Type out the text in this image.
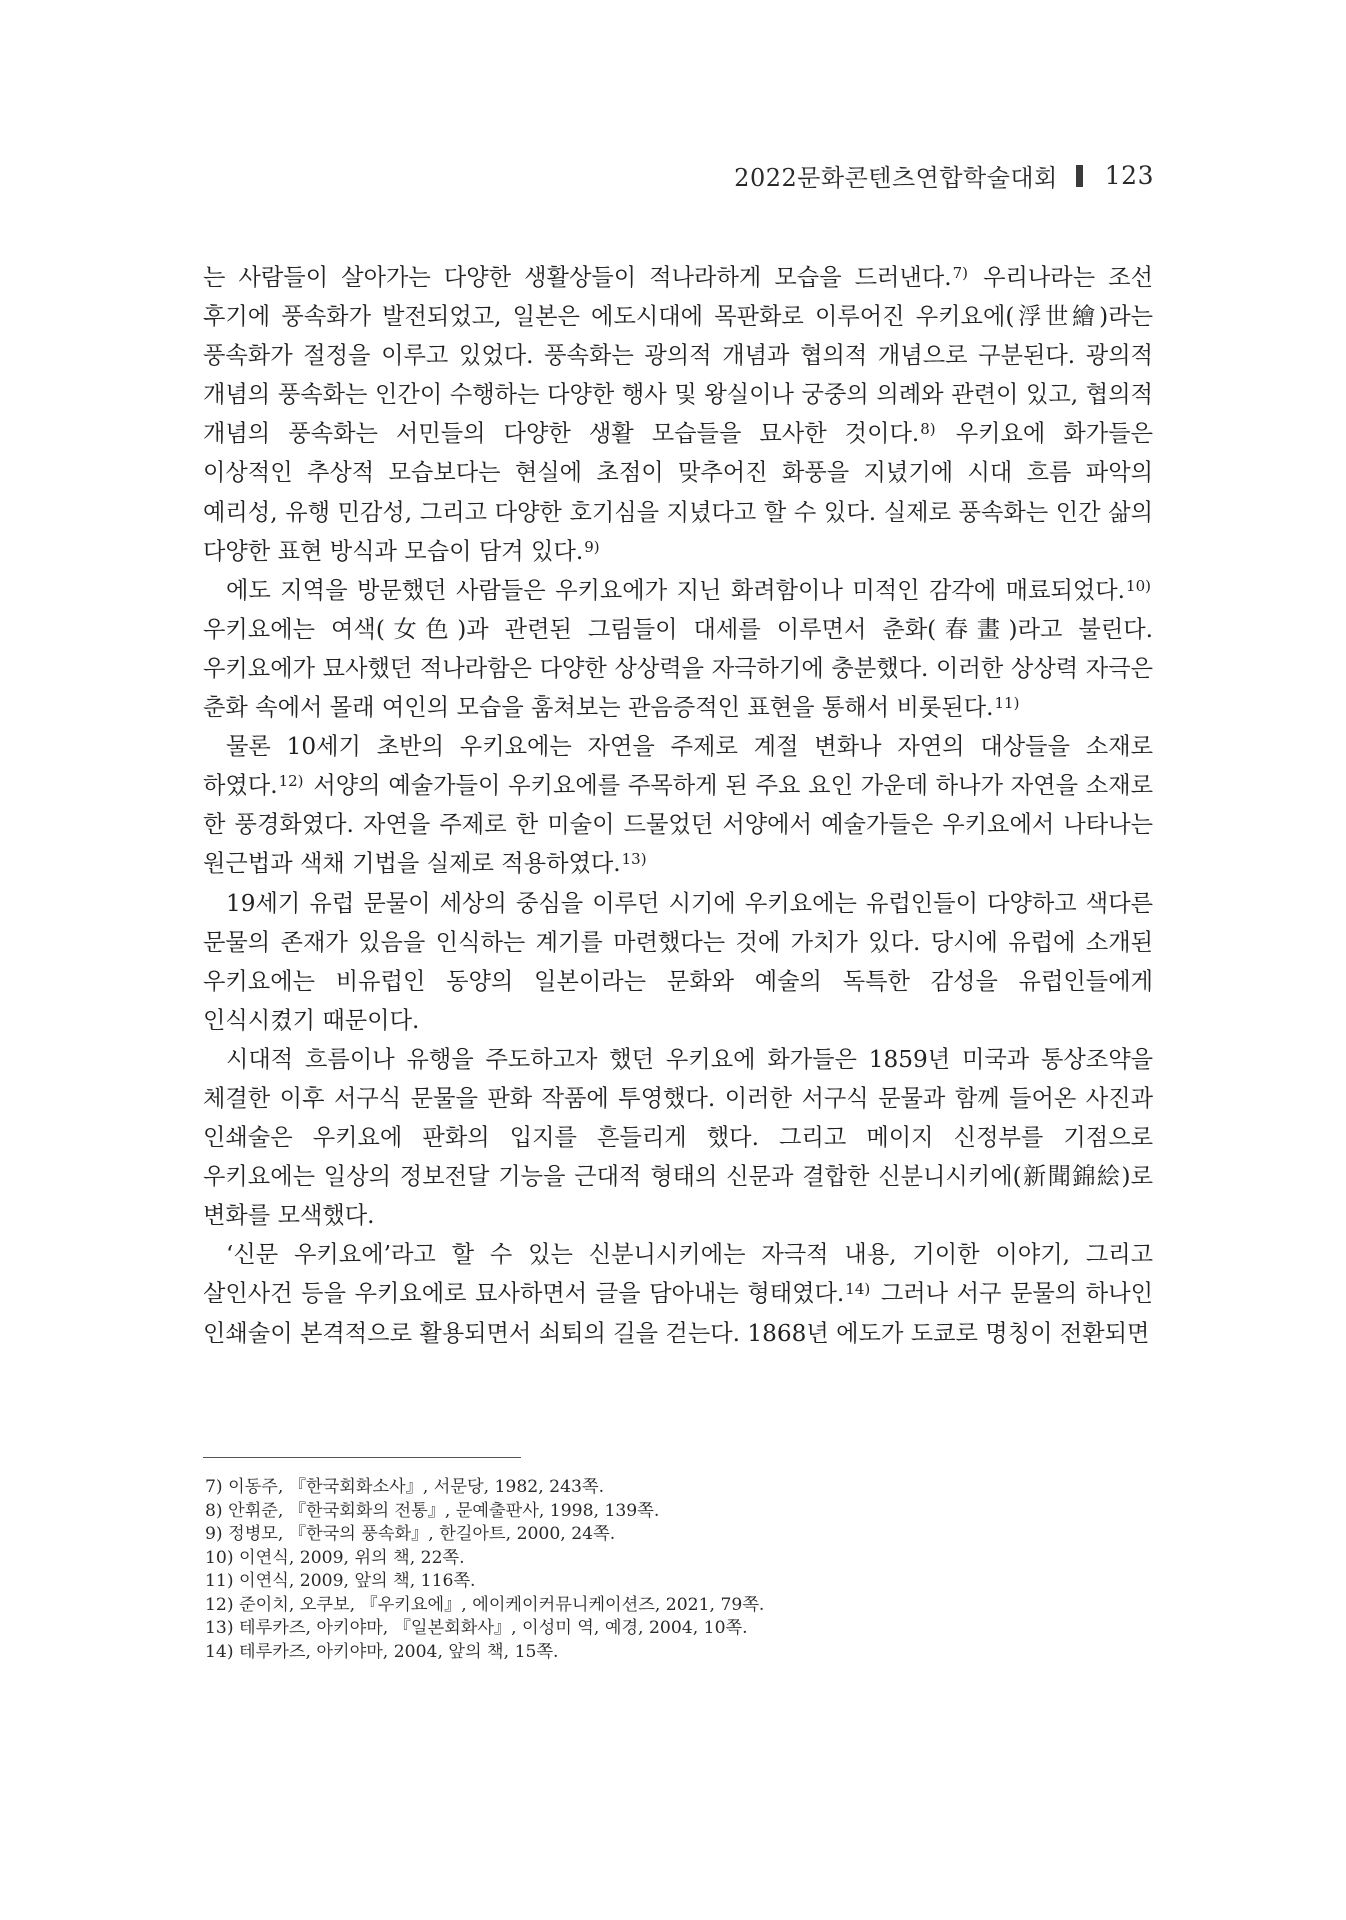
2022문화콘텐츠연합학술대회 123

는 사람들이 살아가는 다양한 생활상들이 적나라하게 모습을 드러낸다.$^{7)}$ 우리나라는 조선 후기에 풍속화가 발전되었고, 일본은 에도시대에 목판화로 이루어진 우키요에(浮世繪)라는 풍속화가 절정을 이루고 있었다. 풍속화는 광의적 개념과 협의적 개념으로 구분된다. 광의적 개념의 풍속화는 인간이 수행하는 다양한 행사 및 왕실이나 궁중의 의례와 관련이 있고, 협의적 개념의 풍속화는 서민들의 다양한 생활 모습들을 묘사한 것이다.$^{8)}$ 우키요에 화가들은 이상적인 추상적 모습보다는 현실에 초점이 맞추어진 화풍을 지녔기에 시대 흐름 파악의 예리성, 유행 민감성, 그리고 다양한 호기심을 지녔다고 할 수 있다. 실제로 풍속화는 인간 삶의 다양한 표현 방식과 모습이 담겨 있다.$^{9)}$

에도 지역을 방문했던 사람들은 우키요에가 지닌 화려함이나 미적인 감각에 매료되었다.$^{10)}$ 우키요에는 여색(女色)과 관련된 그림들이 대세를 이루면서 춘화(春畫)라고 불린다. 우키요에가 묘사했던 적나라함은 다양한 상상력을 자극하기에 충분했다. 이러한 상상력 자극은 춘화 속에서 몰래 여인의 모습을 훔쳐보는 관음증적인 표현을 통해서 비롯된다.$^{11)}$

물론 10세기 초반의 우키요에는 자연을 주제로 계절 변화나 자연의 대상들을 소재로 하였다.$^{12)}$ 서양의 예술가들이 우키요에를 주목하게 된 주요 요인 가운데 하나가 자연을 소재로 한 풍경화였다. 자연을 주제로 한 미술이 드물었던 서양에서 예술가들은 우키요에서 나타나는 원근법과 색채 기법을 실제로 적용하였다.$^{13)}$

19세기 유럽 문물이 세상의 중심을 이루던 시기에 우키요에는 유럽인들이 다양하고 색다른 문물의 존재가 있음을 인식하는 계기를 마련했다는 것에 가치가 있다. 당시에 유럽에 소개된 우키요에는 비유럽인 동양의 일본이라는 문화와 예술의 독특한 감성을 유럽인들에게 인식시켰기 때문이다.

시대적 흐름이나 유행을 주도하고자 했던 우키요에 화가들은 1859년 미국과 통상조약을 체결한 이후 서구식 문물을 판화 작품에 투영했다. 이러한 서구식 문물과 함께 들어온 사진과 인쇄술은 우키요에 판화의 입지를 흔들리게 했다. 그리고 메이지 신정부를 기점으로 우키요에는 일상의 정보전달 기능을 근대적 형태의 신문과 결합한 신분니시키에(新聞錦絵)로 변화를 모색했다.

‘신문 우키요에’라고 할 수 있는 신분니시키에는 자극적 내용, 기이한 이야기, 그리고 살인사건 등을 우키요에로 묘사하면서 글을 담아내는 형태였다.$^{14)}$ 그러나 서구 문물의 하나인 인쇄술이 본격적으로 활용되면서 쇠퇴의 길을 걷는다. 1868년 에도가 도쿄로 명칭이 전환되면

7) 이동주, 『한국회화소사』, 서문당, 1982, 243쪽.
8) 안휘준, 『한국회화의 전통』, 문예출판사, 1998, 139쪽.
9) 정병모, 『한국의 풍속화』, 한길아트, 2000, 24쪽.
10) 이연식, 2009, 위의 책, 22쪽.
11) 이연식, 2009, 앞의 책, 116쪽.
12) 준이치, 오쿠보, 『우키요에』, 에이케이커뮤니케이션즈, 2021, 79쪽.
13) 테루카즈, 아키야마, 『일본회화사』, 이성미 역, 예경, 2004, 10쪽.
14) 테루카즈, 아키야마, 2004, 앞의 책, 15쪽.
